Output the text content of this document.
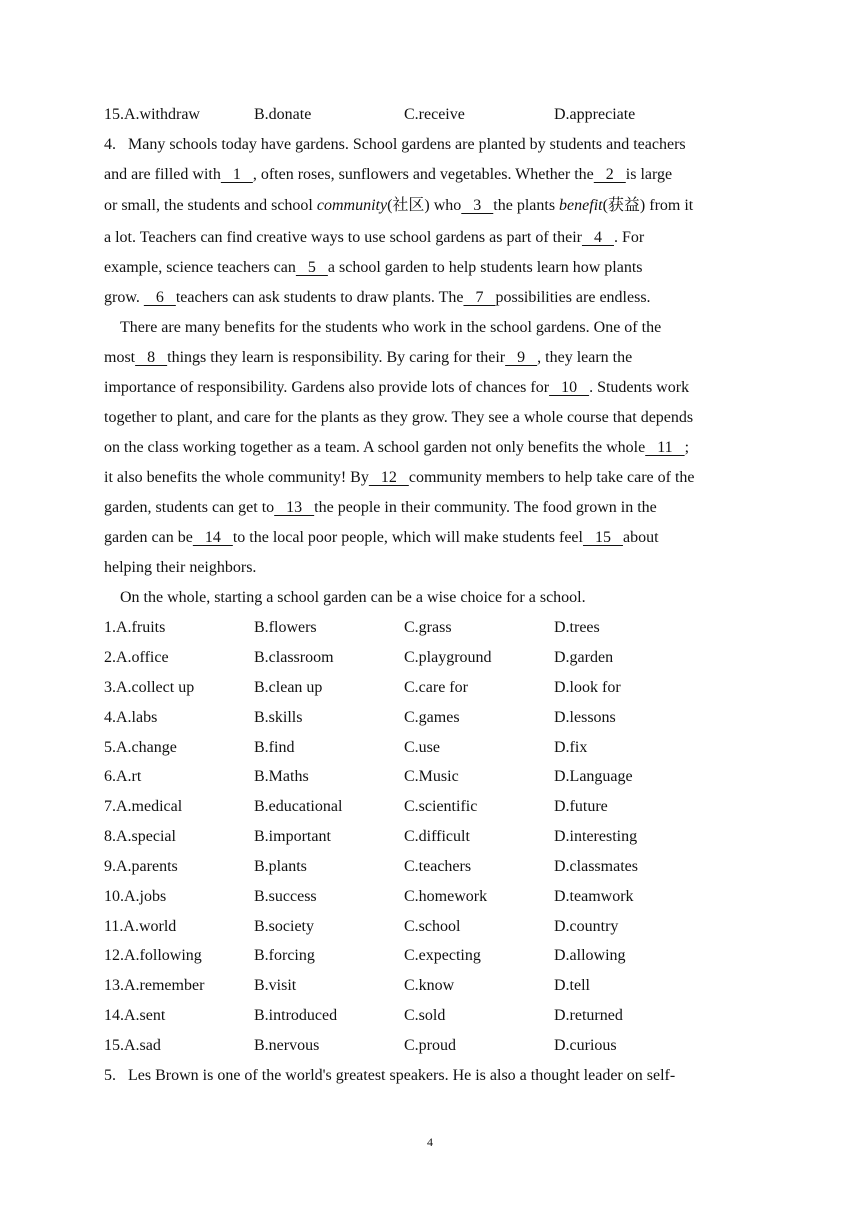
15.A.withdraw	B.donate	C.receive	D.appreciate
4.   Many schools today have gardens. School gardens are planted by students and teachers
and are filled with   1   , often roses, sunflowers and vegetables. Whether the   2   is large
or small, the students and school community(社区) who   3   the plants benefit(获益) from it
a lot. Teachers can find creative ways to use school gardens as part of their   4   . For
example, science teachers can   5   a school garden to help students learn how plants
grow.    6   teachers can ask students to draw plants. The   7   possibilities are endless.
There are many benefits for the students who work in the school gardens. One of the
most   8   things they learn is responsibility. By caring for their   9   , they learn the
importance of responsibility. Gardens also provide lots of chances for   10   . Students work
together to plant, and care for the plants as they grow. They see a whole course that depends
on the class working together as a team. A school garden not only benefits the whole   11   ;
it also benefits the whole community! By   12   community members to help take care of the
garden, students can get to   13   the people in their community. The food grown in the
garden can be   14   to the local poor people, which will make students feel   15   about
helping their neighbors.
On the whole, starting a school garden can be a wise choice for a school.
1.A.fruits	B.flowers	C.grass	D.trees
2.A.office	B.classroom	C.playground	D.garden
3.A.collect up	B.clean up	C.care for	D.look for
4.A.labs	B.skills	C.games	D.lessons
5.A.change	B.find	C.use	D.fix
6.A.rt	B.Maths	C.Music	D.Language
7.A.medical	B.educational	C.scientific	D.future
8.A.special	B.important	C.difficult	D.interesting
9.A.parents	B.plants	C.teachers	D.classmates
10.A.jobs	B.success	C.homework	D.teamwork
11.A.world	B.society	C.school	D.country
12.A.following	B.forcing	C.expecting	D.allowing
13.A.remember	B.visit	C.know	D.tell
14.A.sent	B.introduced	C.sold	D.returned
15.A.sad	B.nervous	C.proud	D.curious
5.   Les Brown is one of the world's greatest speakers. He is also a thought leader on self-
4
